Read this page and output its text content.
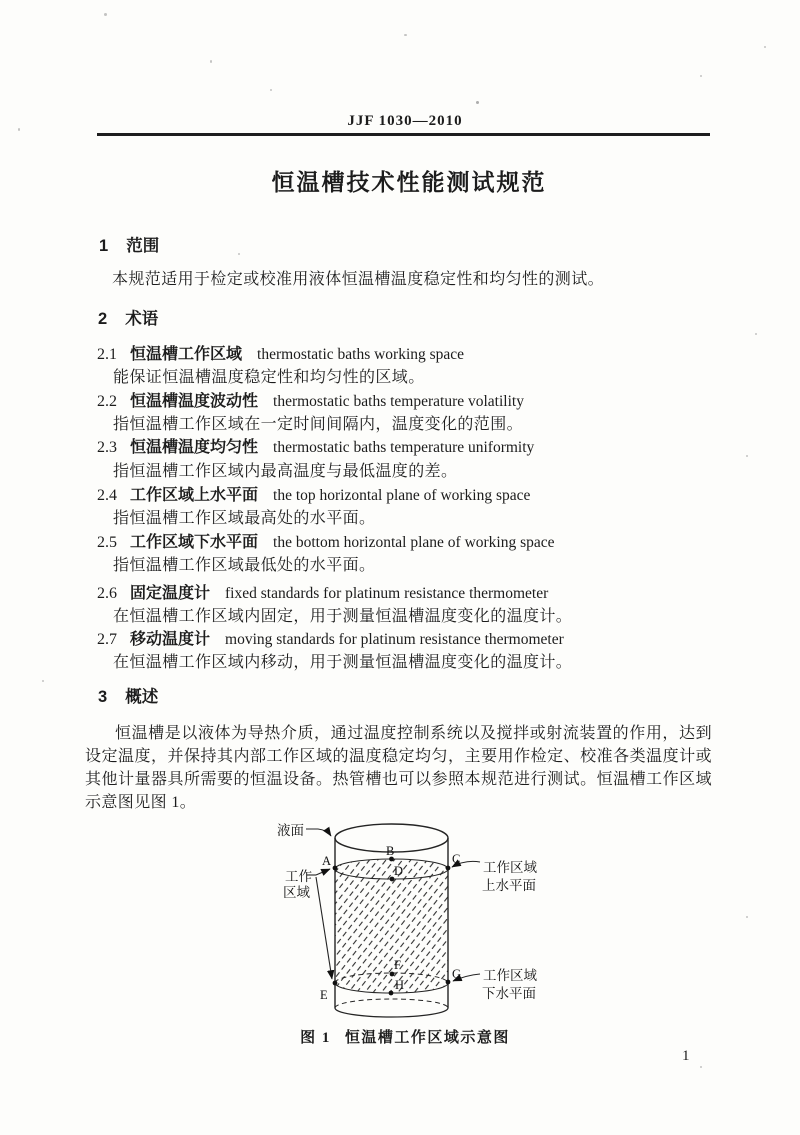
JJF 1030—2010
恒温槽技术性能测试规范
1 范围
本规范适用于检定或校准用液体恒温槽温度稳定性和均匀性的测试。
2 术语
2.1 恒温槽工作区域 thermostatic baths working space
能保证恒温槽温度稳定性和均匀性的区域。
2.2 恒温槽温度波动性 thermostatic baths temperature volatility
指恒温槽工作区域在一定时间间隔内，温度变化的范围。
2.3 恒温槽温度均匀性 thermostatic baths temperature uniformity
指恒温槽工作区域内最高温度与最低温度的差。
2.4 工作区域上水平面 the top horizontal plane of working space
指恒温槽工作区域最高处的水平面。
2.5 工作区域下水平面 the bottom horizontal plane of working space
指恒温槽工作区域最低处的水平面。
2.6 固定温度计 fixed standards for platinum resistance thermometer
在恒温槽工作区域内固定，用于测量恒温槽温度变化的温度计。
2.7 移动温度计 moving standards for platinum resistance thermometer
在恒温槽工作区域内移动，用于测量恒温槽温度变化的温度计。
3 概述
恒温槽是以液体为导热介质，通过温度控制系统以及搅拌或射流装置的作用，达到
设定温度，并保持其内部工作区域的温度稳定均匀，主要用作检定、校准各类温度计或
其他计量器具所需要的恒温设备。热管槽也可以参照本规范进行测试。恒温槽工作区域
示意图见图 1。
A
B
C
D
E
F
G
H
液面
工作
区域
工作区域
上水平面
工作区域
下水平面
图 1 恒温槽工作区域示意图
1
